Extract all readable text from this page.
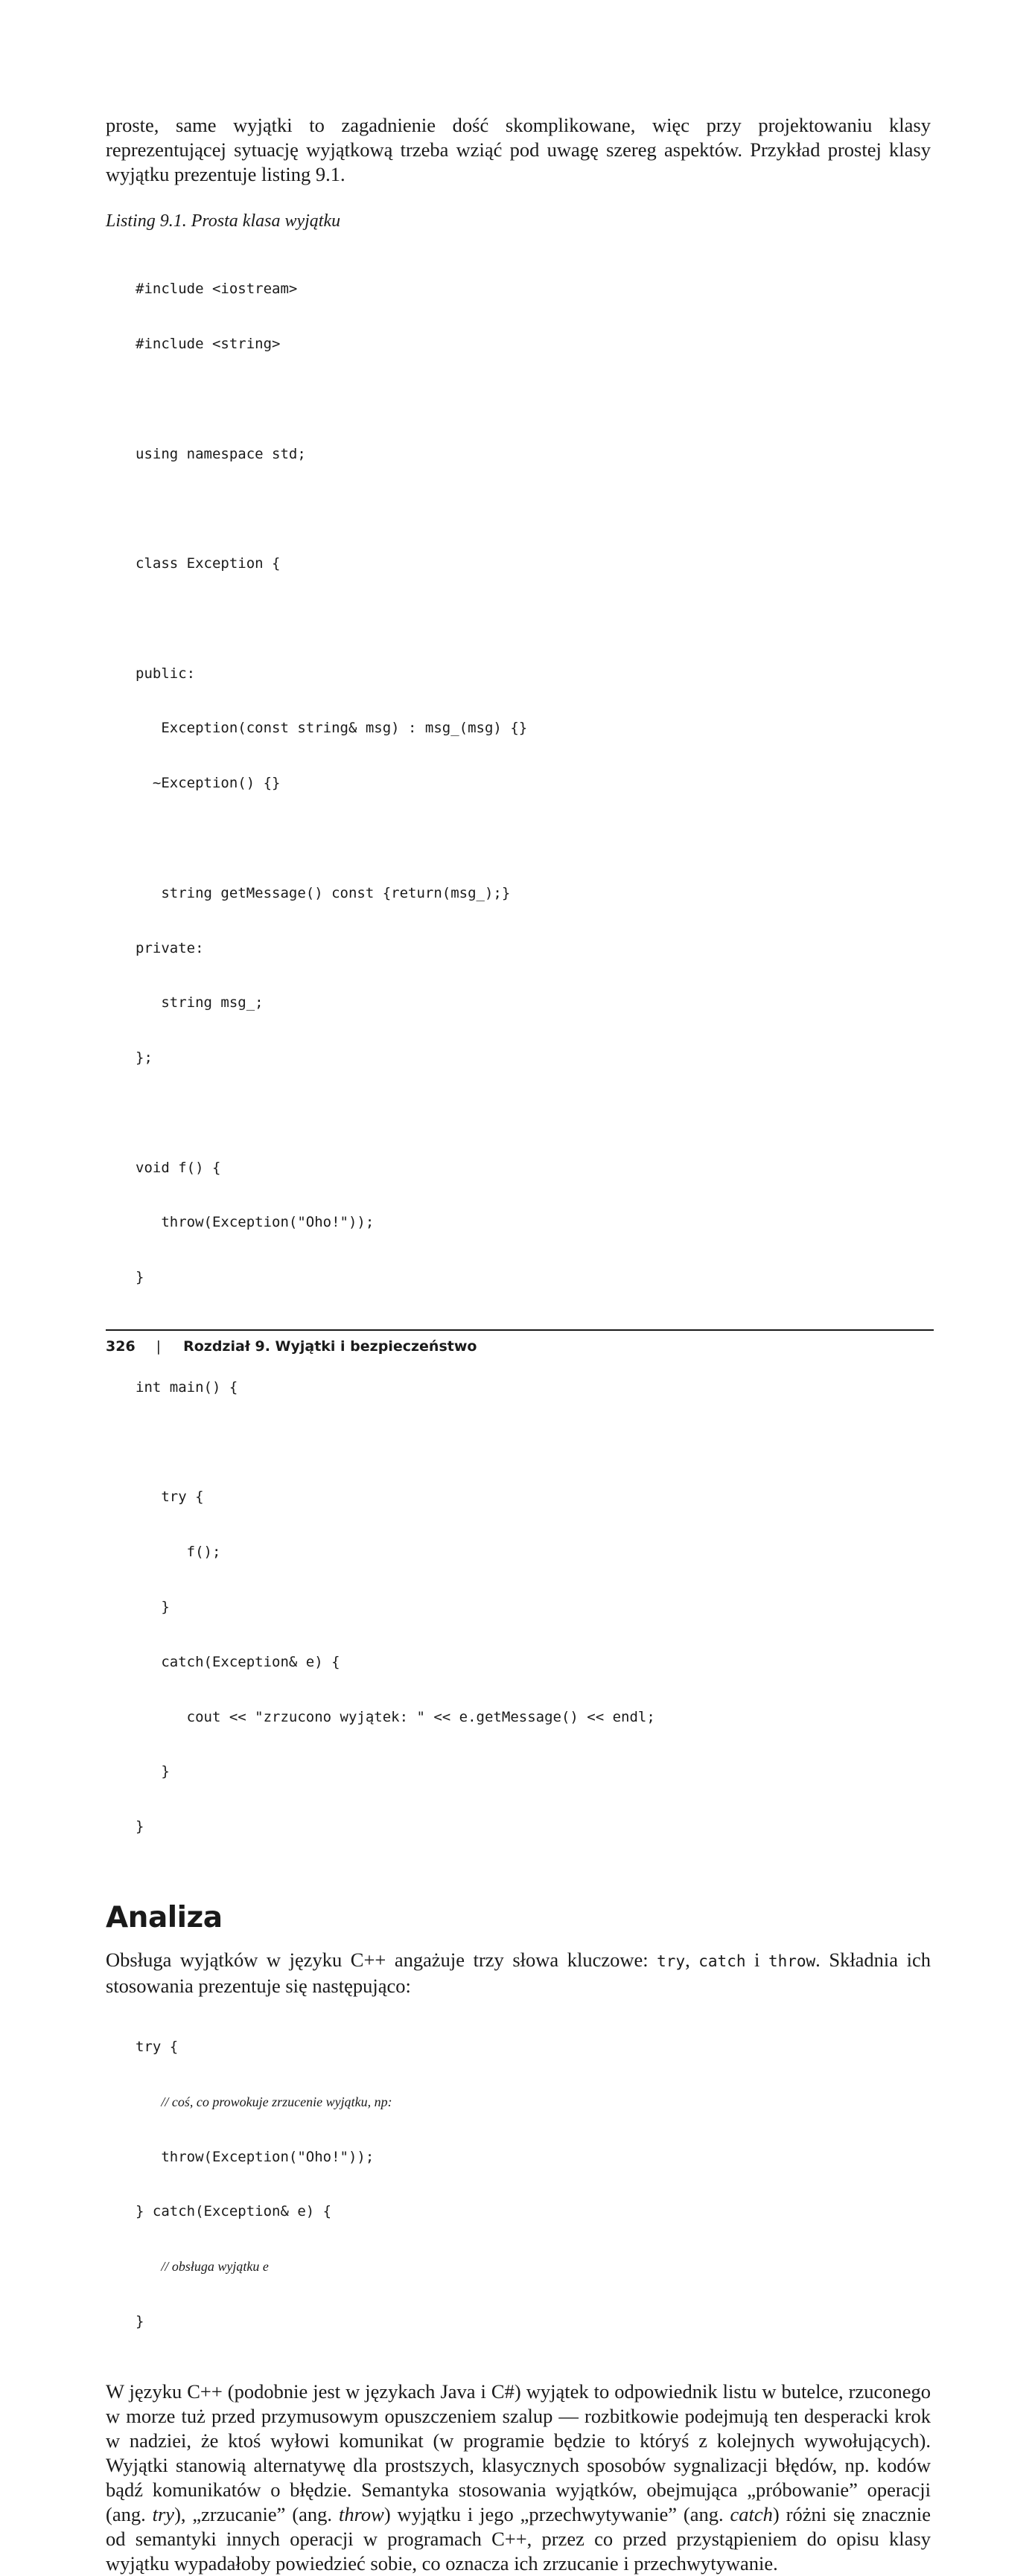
proste, same wyjątki to zagadnienie dość skomplikowane, więc przy projektowaniu klasy reprezentującej sytuację wyjątkową trzeba wziąć pod uwagę szereg aspektów. Przykład prostej klasy wyjątku prezentuje listing 9.1.

Listing 9.1. Prosta klasa wyjątku

#include <iostream>

#include <string>

using namespace std;

class Exception {

public:

Exception(const string& msg) : msg_(msg) {}

~Exception() {}

string getMessage() const {return(msg_);}

private:

string msg_;

};

void f() {

throw(Exception("Oho!"));

}

int main() {

try {

f();

}

catch(Exception& e) {

cout << "zrzucono wyjątek: " << e.getMessage() << endl;

}

}

Analiza

Obsługa wyjątków w języku C++ angażuje trzy słowa kluczowe: try, catch i throw. Składnia ich stosowania prezentuje się następująco:

try {

// coś, co prowokuje zrzucenie wyjątku, np:

throw(Exception("Oho!"));

} catch(Exception& e) {

// obsługa wyjątku e

}

W języku C++ (podobnie jest w językach Java i C#) wyjątek to odpowiednik listu w butelce, rzuconego w morze tuż przed przymusowym opuszczeniem szalup — rozbitkowie podejmują ten desperacki krok w nadziei, że ktoś wyłowi komunikat (w programie będzie to któryś z kolejnych wywołujących). Wyjątki stanowią alternatywę dla prostszych, klasycznych sposobów sygnalizacji błędów, np. kodów bądź komunikatów o błędzie. Semantyka stosowania wyjątków, obejmująca „próbowanie” operacji (ang. try), „zrzucanie” (ang. throw) wyjątku i jego „przechwytywanie” (ang. catch) różni się znacznie od semantyki innych operacji w programach C++, przez co przed przystąpieniem do opisu klasy wyjątku wypadałoby powiedzieć sobie, co oznacza ich zrzucanie i przechwytywanie.

326 | Rozdział 9. Wyjątki i bezpieczeństwo
